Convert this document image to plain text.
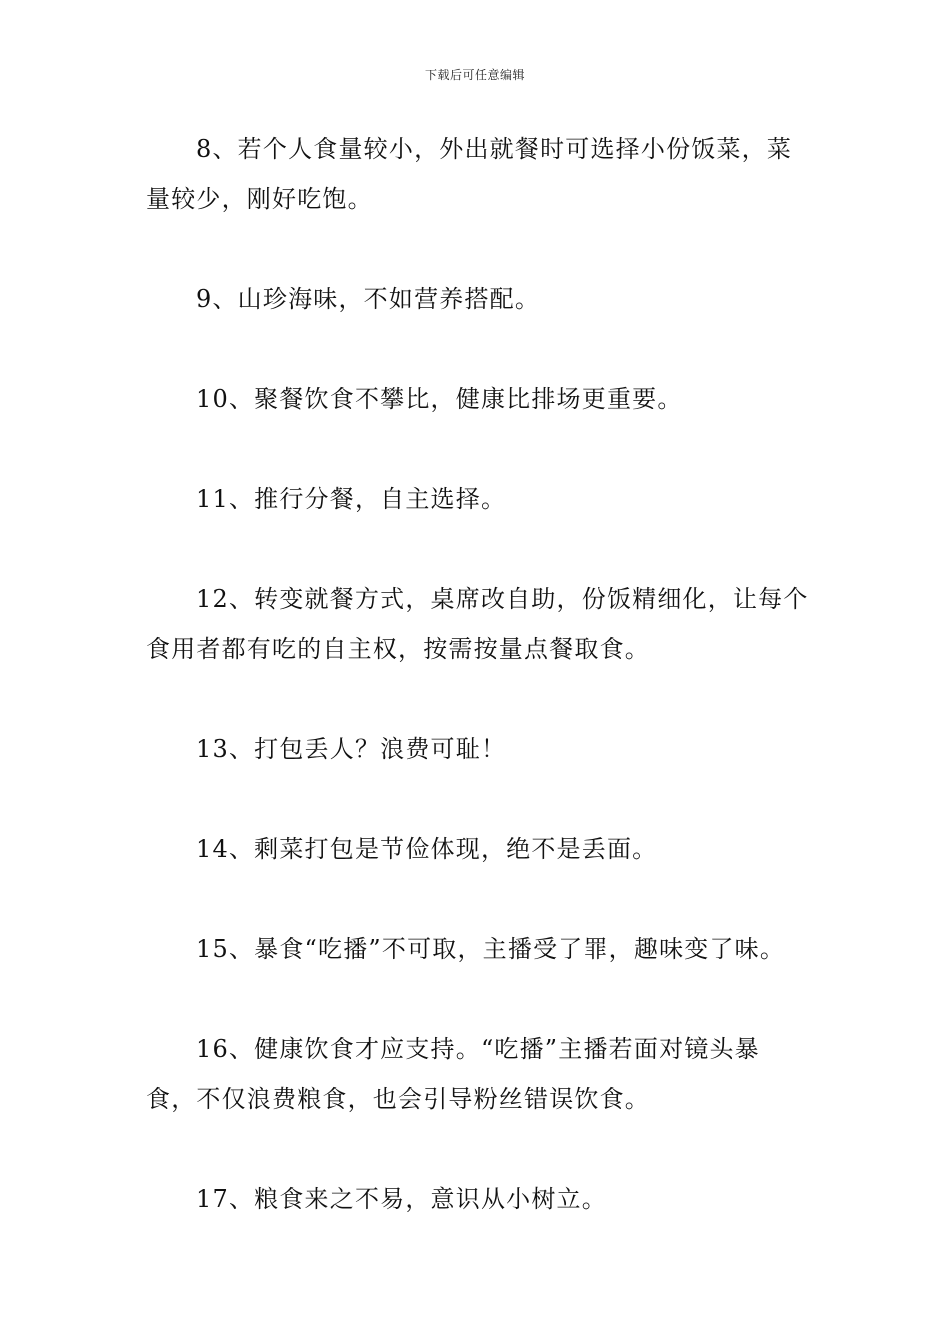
下载后可任意编辑

8、若个人食量较小，外出就餐时可选择小份饭菜，菜量较少，刚好吃饱。

9、山珍海味，不如营养搭配。

10、聚餐饮食不攀比，健康比排场更重要。

11、推行分餐，自主选择。

12、转变就餐方式，桌席改自助，份饭精细化，让每个食用者都有吃的自主权，按需按量点餐取食。

13、打包丢人？浪费可耻！

14、剩菜打包是节俭体现，绝不是丢面。

15、暴食“吃播”不可取，主播受了罪，趣味变了味。

16、健康饮食才应支持。“吃播”主播若面对镜头暴食，不仅浪费粮食，也会引导粉丝错误饮食。

17、粮食来之不易，意识从小树立。
